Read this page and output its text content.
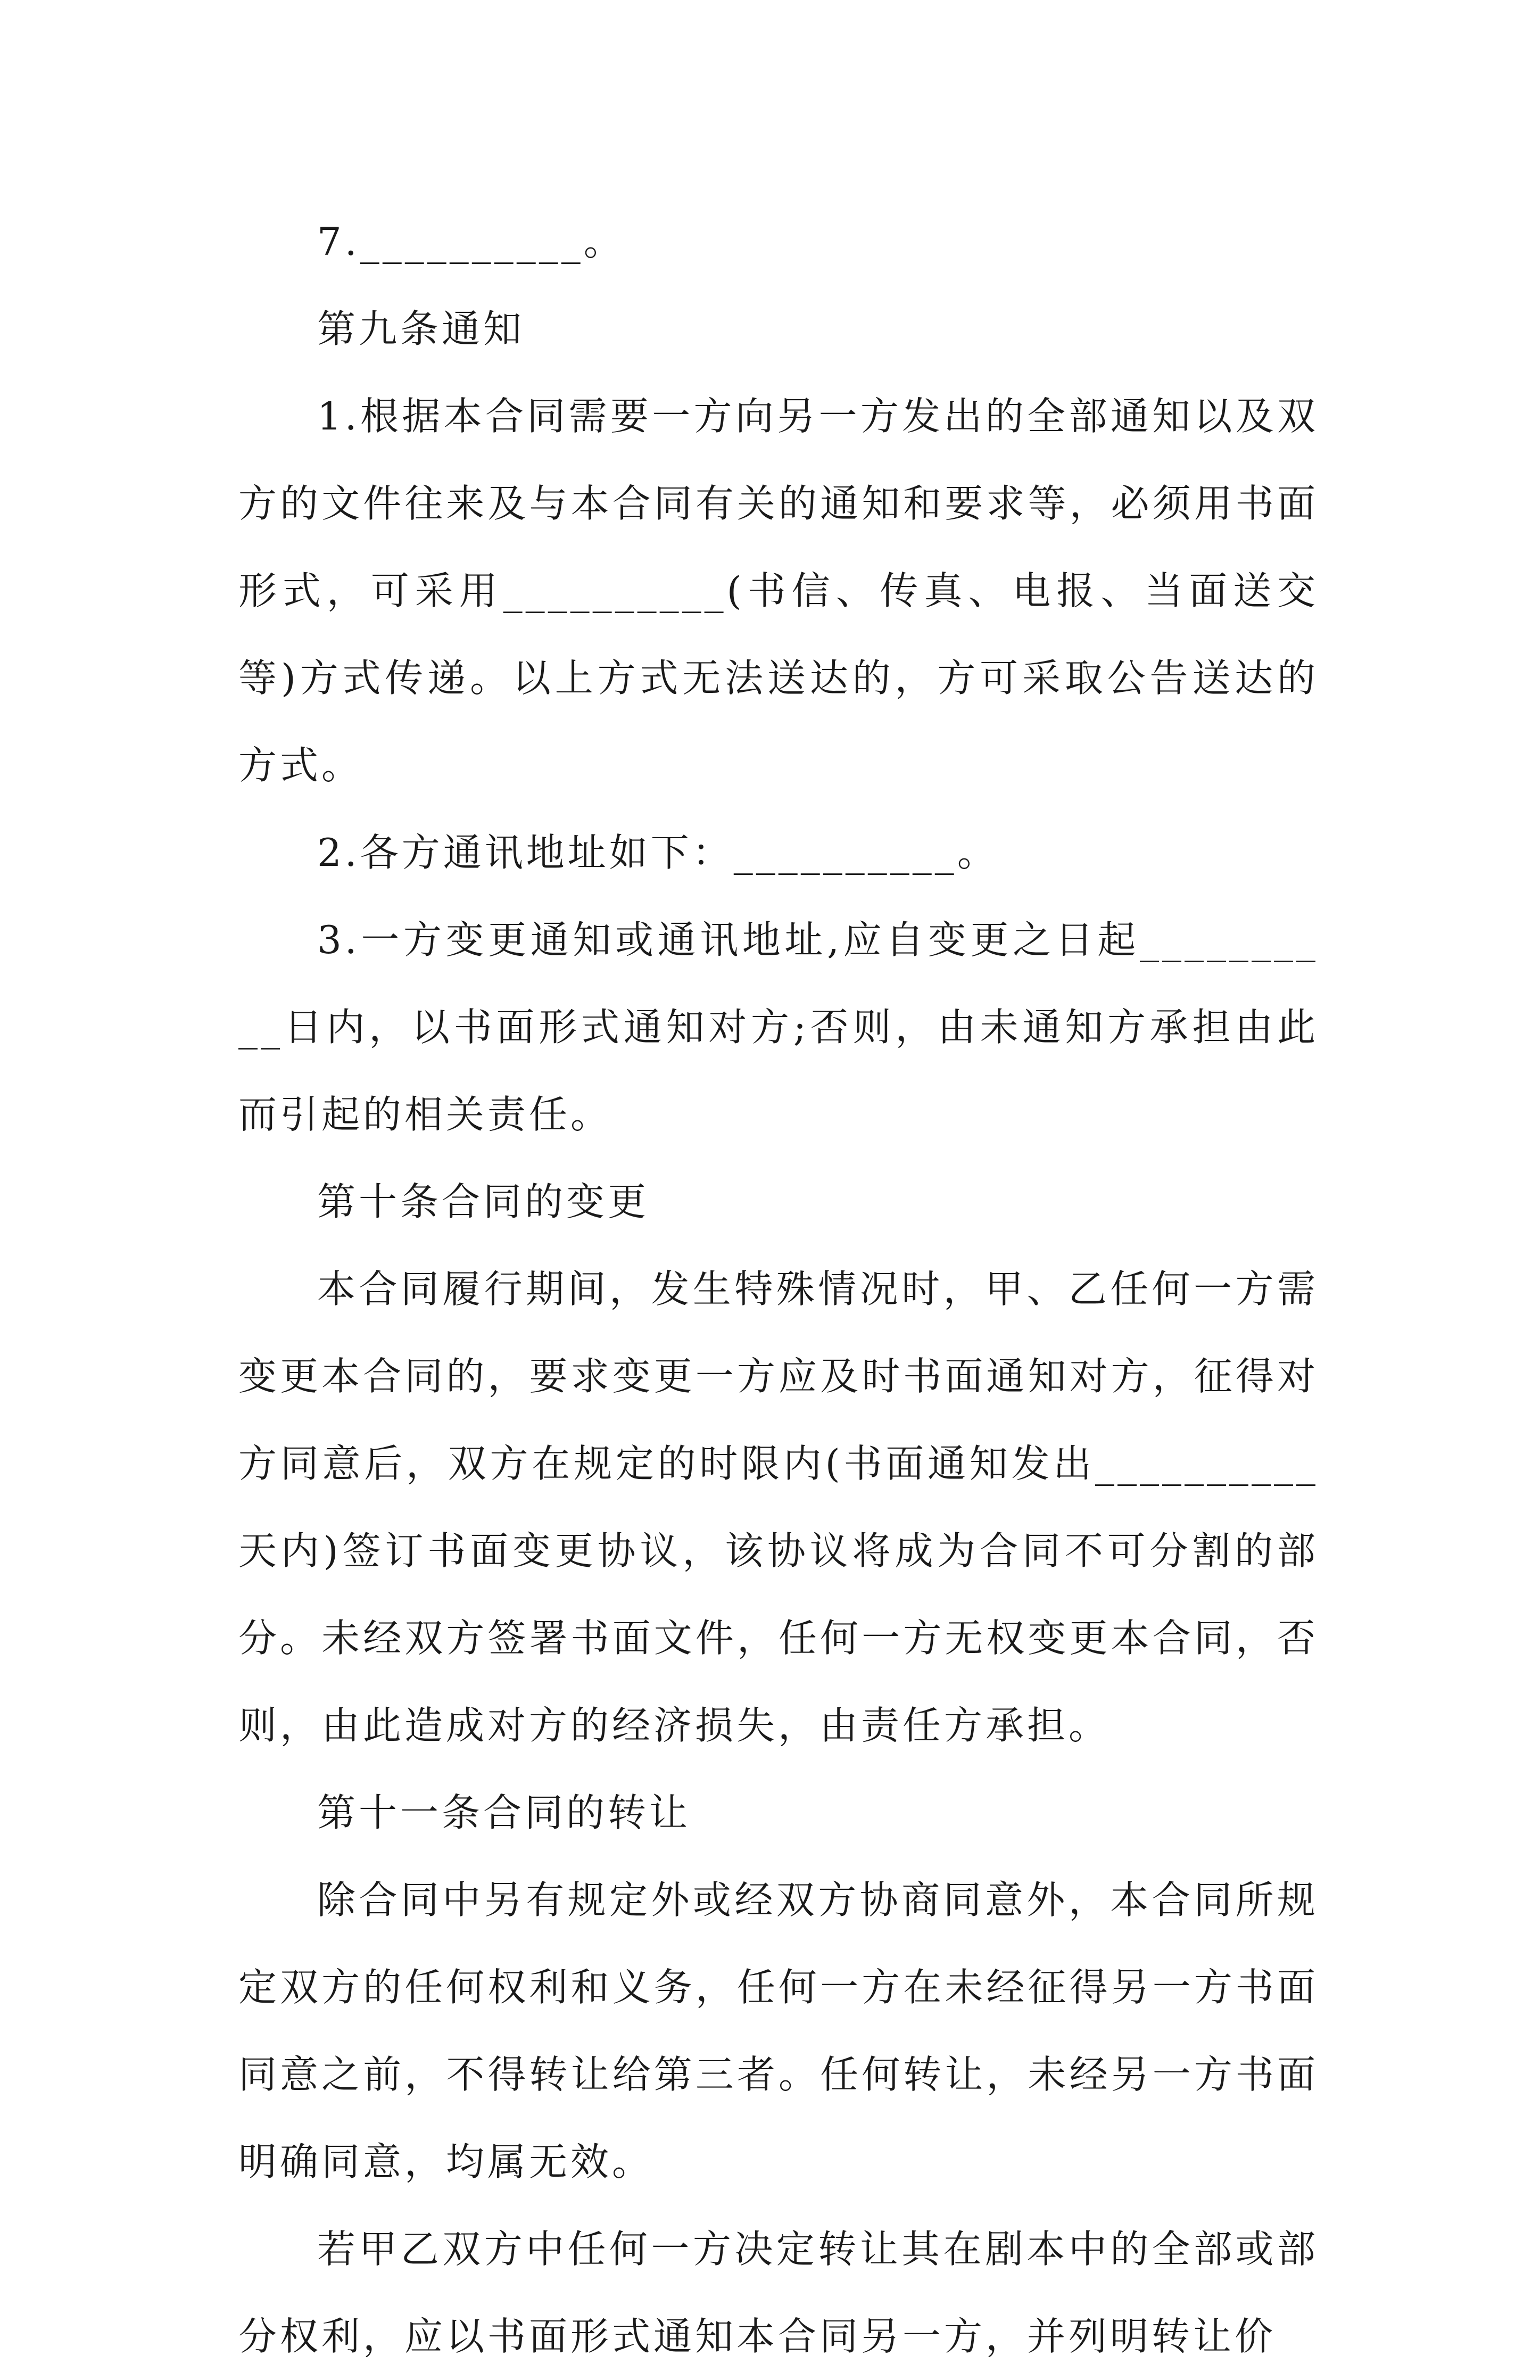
7.__________。

第九条通知

1.根据本合同需要一方向另一方发出的全部通知以及双方的文件往来及与本合同有关的通知和要求等，必须用书面形式，可采用__________(书信、传真、电报、当面送交等)方式传递。以上方式无法送达的，方可采取公告送达的方式。

2.各方通讯地址如下：__________。

3.一方变更通知或通讯地址,应自变更之日起__________日内，以书面形式通知对方;否则，由未通知方承担由此而引起的相关责任。

第十条合同的变更

本合同履行期间，发生特殊情况时，甲、乙任何一方需变更本合同的，要求变更一方应及时书面通知对方，征得对方同意后，双方在规定的时限内(书面通知发出__________天内)签订书面变更协议，该协议将成为合同不可分割的部分。未经双方签署书面文件，任何一方无权变更本合同，否则，由此造成对方的经济损失，由责任方承担。

第十一条合同的转让

除合同中另有规定外或经双方协商同意外，本合同所规定双方的任何权利和义务，任何一方在未经征得另一方书面同意之前，不得转让给第三者。任何转让，未经另一方书面明确同意，均属无效。

若甲乙双方中任何一方决定转让其在剧本中的全部或部分权利，应以书面形式通知本合同另一方，并列明转让价
